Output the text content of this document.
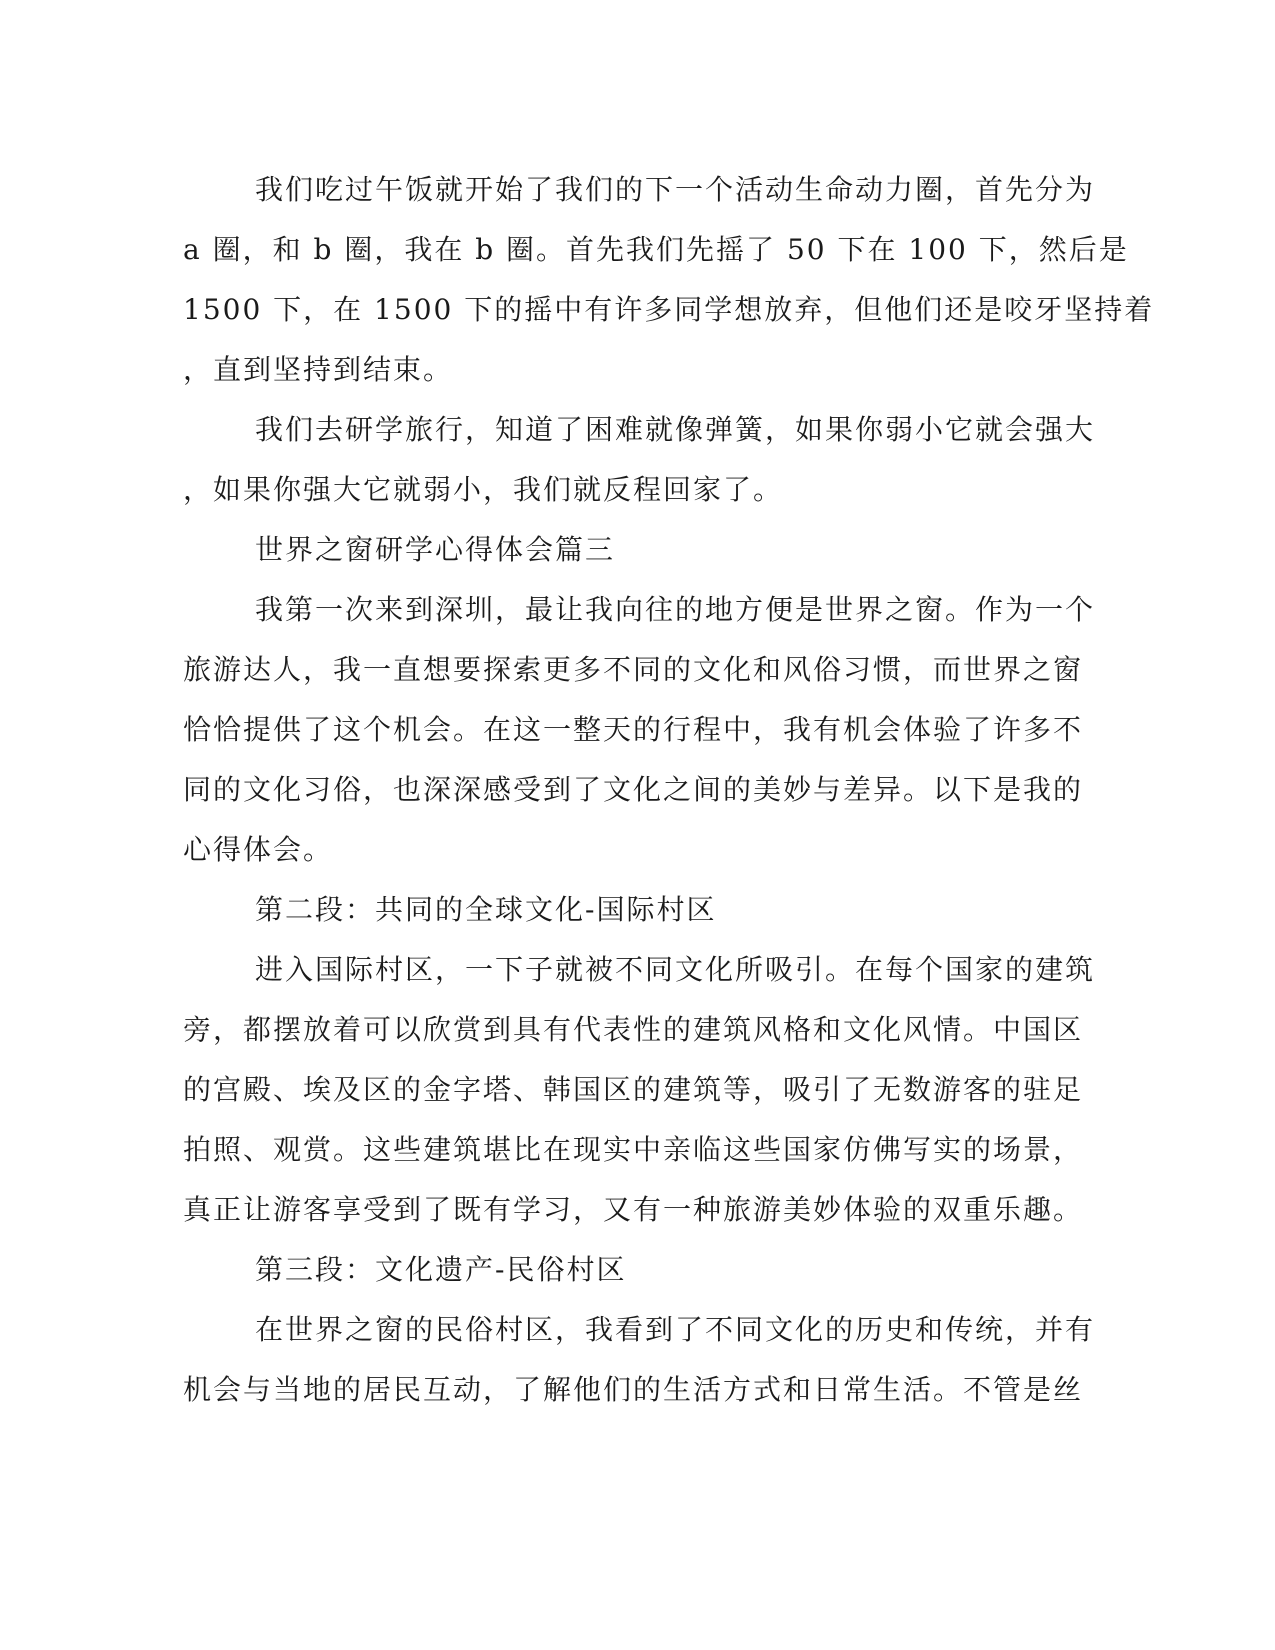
我们吃过午饭就开始了我们的下一个活动生命动力圈，首先分为
a 圈，和 b 圈，我在 b 圈。首先我们先摇了 50 下在 100 下，然后是
1500 下，在 1500 下的摇中有许多同学想放弃，但他们还是咬牙坚持着
，直到坚持到结束。
我们去研学旅行，知道了困难就像弹簧，如果你弱小它就会强大
，如果你强大它就弱小，我们就反程回家了。
世界之窗研学心得体会篇三
我第一次来到深圳，最让我向往的地方便是世界之窗。作为一个
旅游达人，我一直想要探索更多不同的文化和风俗习惯，而世界之窗
恰恰提供了这个机会。在这一整天的行程中，我有机会体验了许多不
同的文化习俗，也深深感受到了文化之间的美妙与差异。以下是我的
心得体会。
第二段：共同的全球文化-国际村区
进入国际村区，一下子就被不同文化所吸引。在每个国家的建筑
旁，都摆放着可以欣赏到具有代表性的建筑风格和文化风情。中国区
的宫殿、埃及区的金字塔、韩国区的建筑等，吸引了无数游客的驻足
拍照、观赏。这些建筑堪比在现实中亲临这些国家仿佛写实的场景，
真正让游客享受到了既有学习，又有一种旅游美妙体验的双重乐趣。
第三段：文化遗产-民俗村区
在世界之窗的民俗村区，我看到了不同文化的历史和传统，并有
机会与当地的居民互动，了解他们的生活方式和日常生活。不管是丝
